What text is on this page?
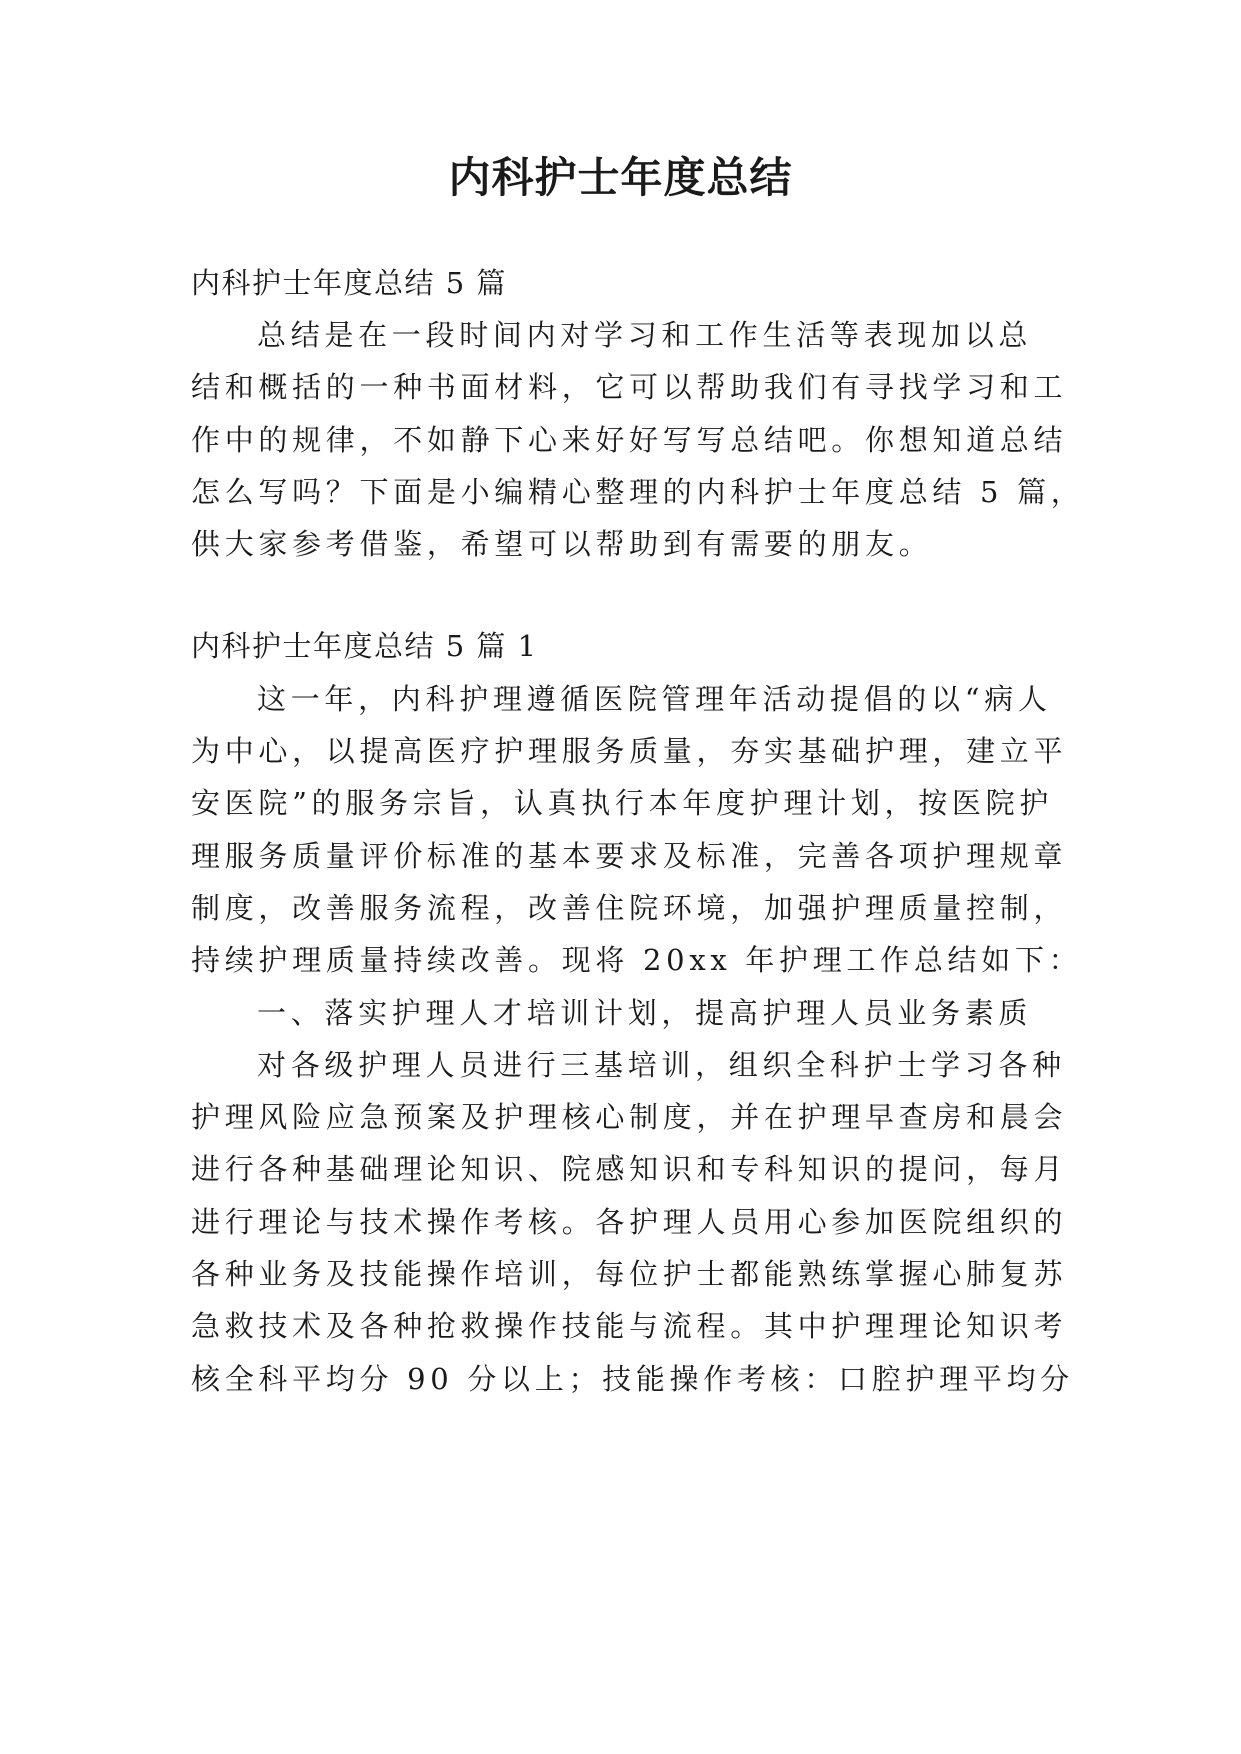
内科护士年度总结

内科护士年度总结 5 篇

总结是在一段时间内对学习和工作生活等表现加以总

结和概括的一种书面材料，它可以帮助我们有寻找学习和工

作中的规律，不如静下心来好好写写总结吧。你想知道总结

怎么写吗？下面是小编精心整理的内科护士年度总结 5 篇，

供大家参考借鉴，希望可以帮助到有需要的朋友。

内科护士年度总结 5 篇 1

这一年，内科护理遵循医院管理年活动提倡的以“病人

为中心，以提高医疗护理服务质量，夯实基础护理，建立平

安医院”的服务宗旨，认真执行本年度护理计划，按医院护

理服务质量评价标准的基本要求及标准，完善各项护理规章

制度，改善服务流程，改善住院环境，加强护理质量控制，

持续护理质量持续改善。现将 20xx 年护理工作总结如下：

一、落实护理人才培训计划，提高护理人员业务素质

对各级护理人员进行三基培训，组织全科护士学习各种

护理风险应急预案及护理核心制度，并在护理早查房和晨会

进行各种基础理论知识、院感知识和专科知识的提问，每月

进行理论与技术操作考核。各护理人员用心参加医院组织的

各种业务及技能操作培训，每位护士都能熟练掌握心肺复苏

急救技术及各种抢救操作技能与流程。其中护理理论知识考

核全科平均分 90 分以上；技能操作考核：口腔护理平均分
